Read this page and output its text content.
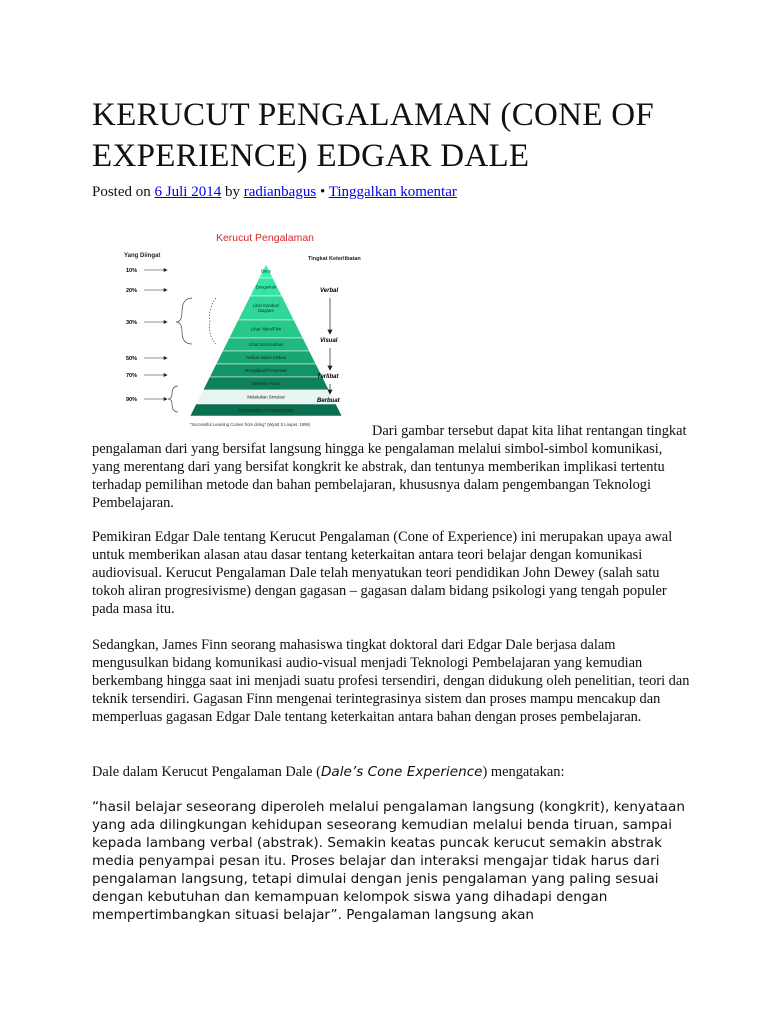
KERUCUT PENGALAMAN (CONE OF EXPERIENCE) EDGAR DALE
Posted on 6 Juli 2014 by radianbagus • Tinggalkan komentar
Kerucut Pengalaman
Yang Diingat	Tingkat Keterlibatan
Baca
Dengarkan
Lihat Gambar/
Diagram
Lihat Video/Film
Lihat Demonstrasi
Terlibat dalam Diskusi
Menyajikan/Presentasi
Bermain Peran
Melakukan Simulasi
Mengerjakan Hal yang Nyata
10%
20%
30%
50%
70%
90%
Verbal
Visual
Terlibat
Berbuat
"Successful Learning Comes from doing" (Wyatt S Looper, 1999)	Dari gambar tersebut dapat kita lihat rentangan tingkat pengalaman dari yang bersifat langsung hingga ke pengalaman melalui simbol-simbol komunikasi, yang merentang dari yang bersifat kongkrit ke abstrak, dan tentunya memberikan implikasi tertentu terhadap pemilihan metode dan bahan pembelajaran, khususnya dalam pengembangan Teknologi Pembelajaran.

Pemikiran Edgar Dale tentang Kerucut Pengalaman (Cone of Experience) ini merupakan upaya awal untuk memberikan alasan atau dasar tentang keterkaitan antara teori belajar dengan komunikasi audiovisual. Kerucut Pengalaman Dale telah menyatukan teori pendidikan John Dewey (salah satu tokoh aliran progresivisme) dengan gagasan – gagasan dalam bidang psikologi yang tengah populer pada masa itu.

Sedangkan, James Finn seorang mahasiswa tingkat doktoral dari Edgar Dale berjasa dalam mengusulkan bidang komunikasi audio-visual menjadi Teknologi Pembelajaran yang kemudian berkembang hingga saat ini menjadi suatu profesi tersendiri, dengan didukung oleh penelitian, teori dan teknik tersendiri. Gagasan Finn mengenai terintegrasinya sistem dan proses mampu mencakup dan memperluas gagasan Edgar Dale tentang keterkaitan antara bahan dengan proses pembelajaran.

Dale dalam Kerucut Pengalaman Dale (Dale’s Cone Experience) mengatakan:

“hasil belajar seseorang diperoleh melalui pengalaman langsung (kongkrit), kenyataan yang ada dilingkungan kehidupan seseorang kemudian melalui benda tiruan, sampai kepada lambang verbal (abstrak). Semakin keatas puncak kerucut semakin abstrak media penyampai pesan itu. Proses belajar dan interaksi mengajar tidak harus dari pengalaman langsung, tetapi dimulai dengan jenis pengalaman yang paling sesuai dengan kebutuhan dan kemampuan kelompok siswa yang dihadapi dengan mempertimbangkan situasi belajar”. Pengalaman langsung akan
